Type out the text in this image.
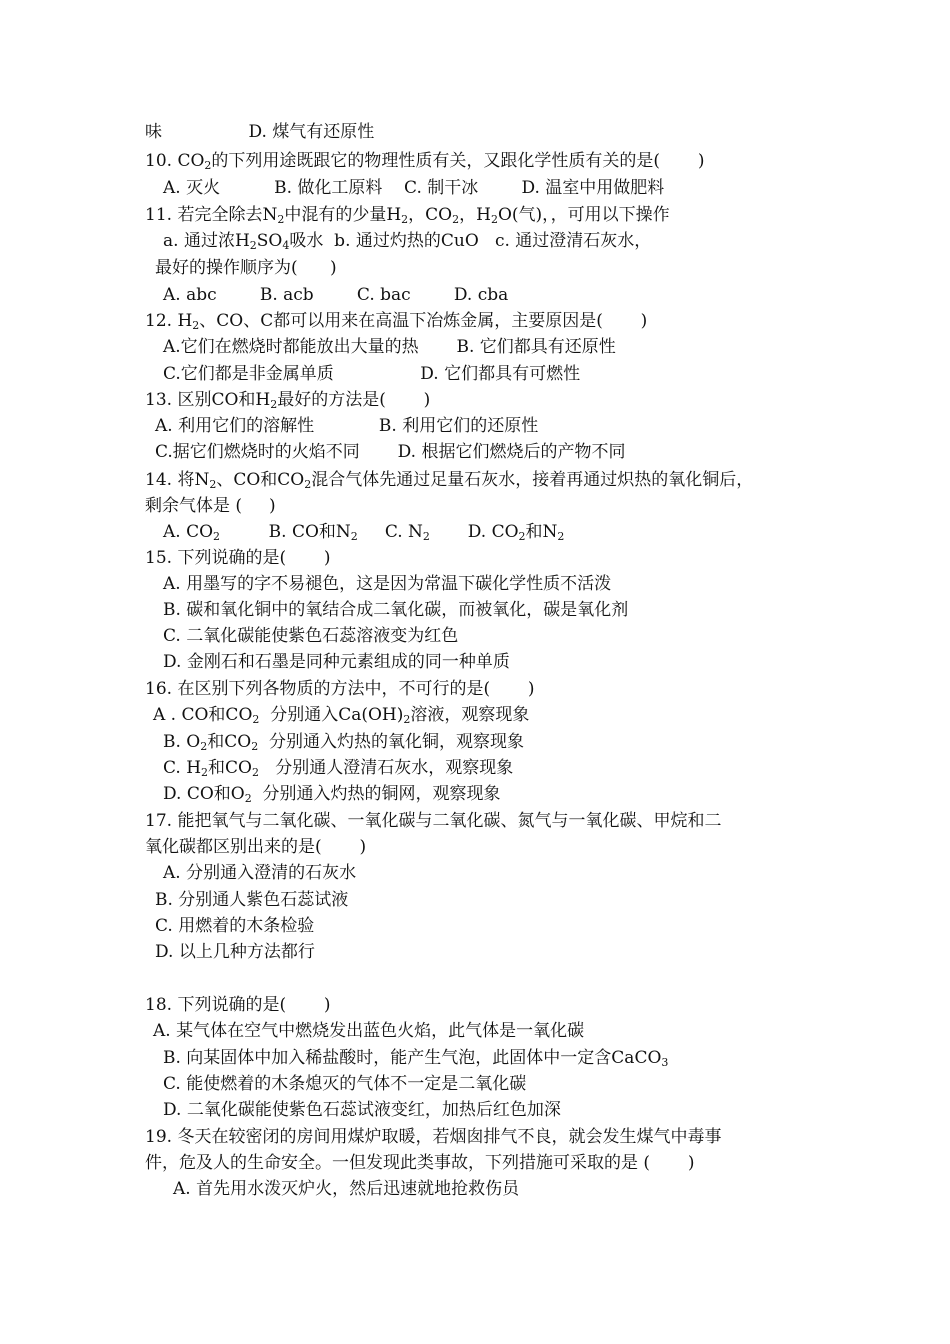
味                D. 煤气有还原性
10. $CO_2$的下列用途既跟它的物理性质有关，又跟化学性质有关的是(       )
A. 灭火          B. 做化工原料    C. 制干冰        D. 温室中用做肥料
11. 若完全除去$N_2$中混有的少量$H_2$，$CO_2$，$H_2O$(气)，，可用以下操作
a. 通过浓$H_2SO_4$吸水  b. 通过灼热的CuO   c. 通过澄清石灰水，
最好的操作顺序为(      )
A. abc        B. acb        C. bac        D. cba
12. $H_2$、CO、C都可以用来在高温下冶炼金属，主要原因是(       )
A.它们在燃烧时都能放出大量的热       B. 它们都具有还原性
C.它们都是非金属单质                D. 它们都具有可燃性
13. 区别CO和$H_2$最好的方法是(       )
A. 利用它们的溶解性            B. 利用它们的还原性
C.据它们燃烧时的火焰不同       D. 根据它们燃烧后的产物不同
14. 将$N_2$、CO和$CO_2$混合气体先通过足量石灰水，接着再通过炽热的氧化铜后，
剩余气体是 (     )
A. $CO_2$         B. CO和$N_2$     C. $N_2$       D. $CO_2$和$N_2$
15. 下列说确的是(       )
A. 用墨写的字不易褪色，这是因为常温下碳化学性质不活泼
B. 碳和氧化铜中的氧结合成二氧化碳，而被氧化，碳是氧化剂
C. 二氧化碳能使紫色石蕊溶液变为红色
D. 金刚石和石墨是同种元素组成的同一种单质
16. 在区别下列各物质的方法中，不可行的是(       )
A . CO和$CO_2$  分别通入$Ca(OH)_2$溶液，观察现象
B. $O_2$和$CO_2$  分别通入灼热的氧化铜，观察现象
C. $H_2$和$CO_2$   分别通人澄清石灰水，观察现象
D. CO和$O_2$  分别通入灼热的铜网，观察现象
17. 能把氧气与二氧化碳、一氧化碳与二氧化碳、氮气与一氧化碳、甲烷和二
氧化碳都区别出来的是(       )
A. 分别通入澄清的石灰水
B. 分别通人紫色石蕊试液
C. 用燃着的木条检验
D. 以上几种方法都行
18. 下列说确的是(       )
A. 某气体在空气中燃烧发出蓝色火焰，此气体是一氧化碳
B. 向某固体中加入稀盐酸时，能产生气泡，此固体中一定含CaCO$_3$
C. 能使燃着的木条熄灭的气体不一定是二氧化碳
D. 二氧化碳能使紫色石蕊试液变红，加热后红色加深
19. 冬天在较密闭的房间用煤炉取暖，若烟囱排气不良，就会发生煤气中毒事
件，危及人的生命安全。一但发现此类事故，下列措施可采取的是 (       )
A. 首先用水泼灭炉火，然后迅速就地抢救伤员
